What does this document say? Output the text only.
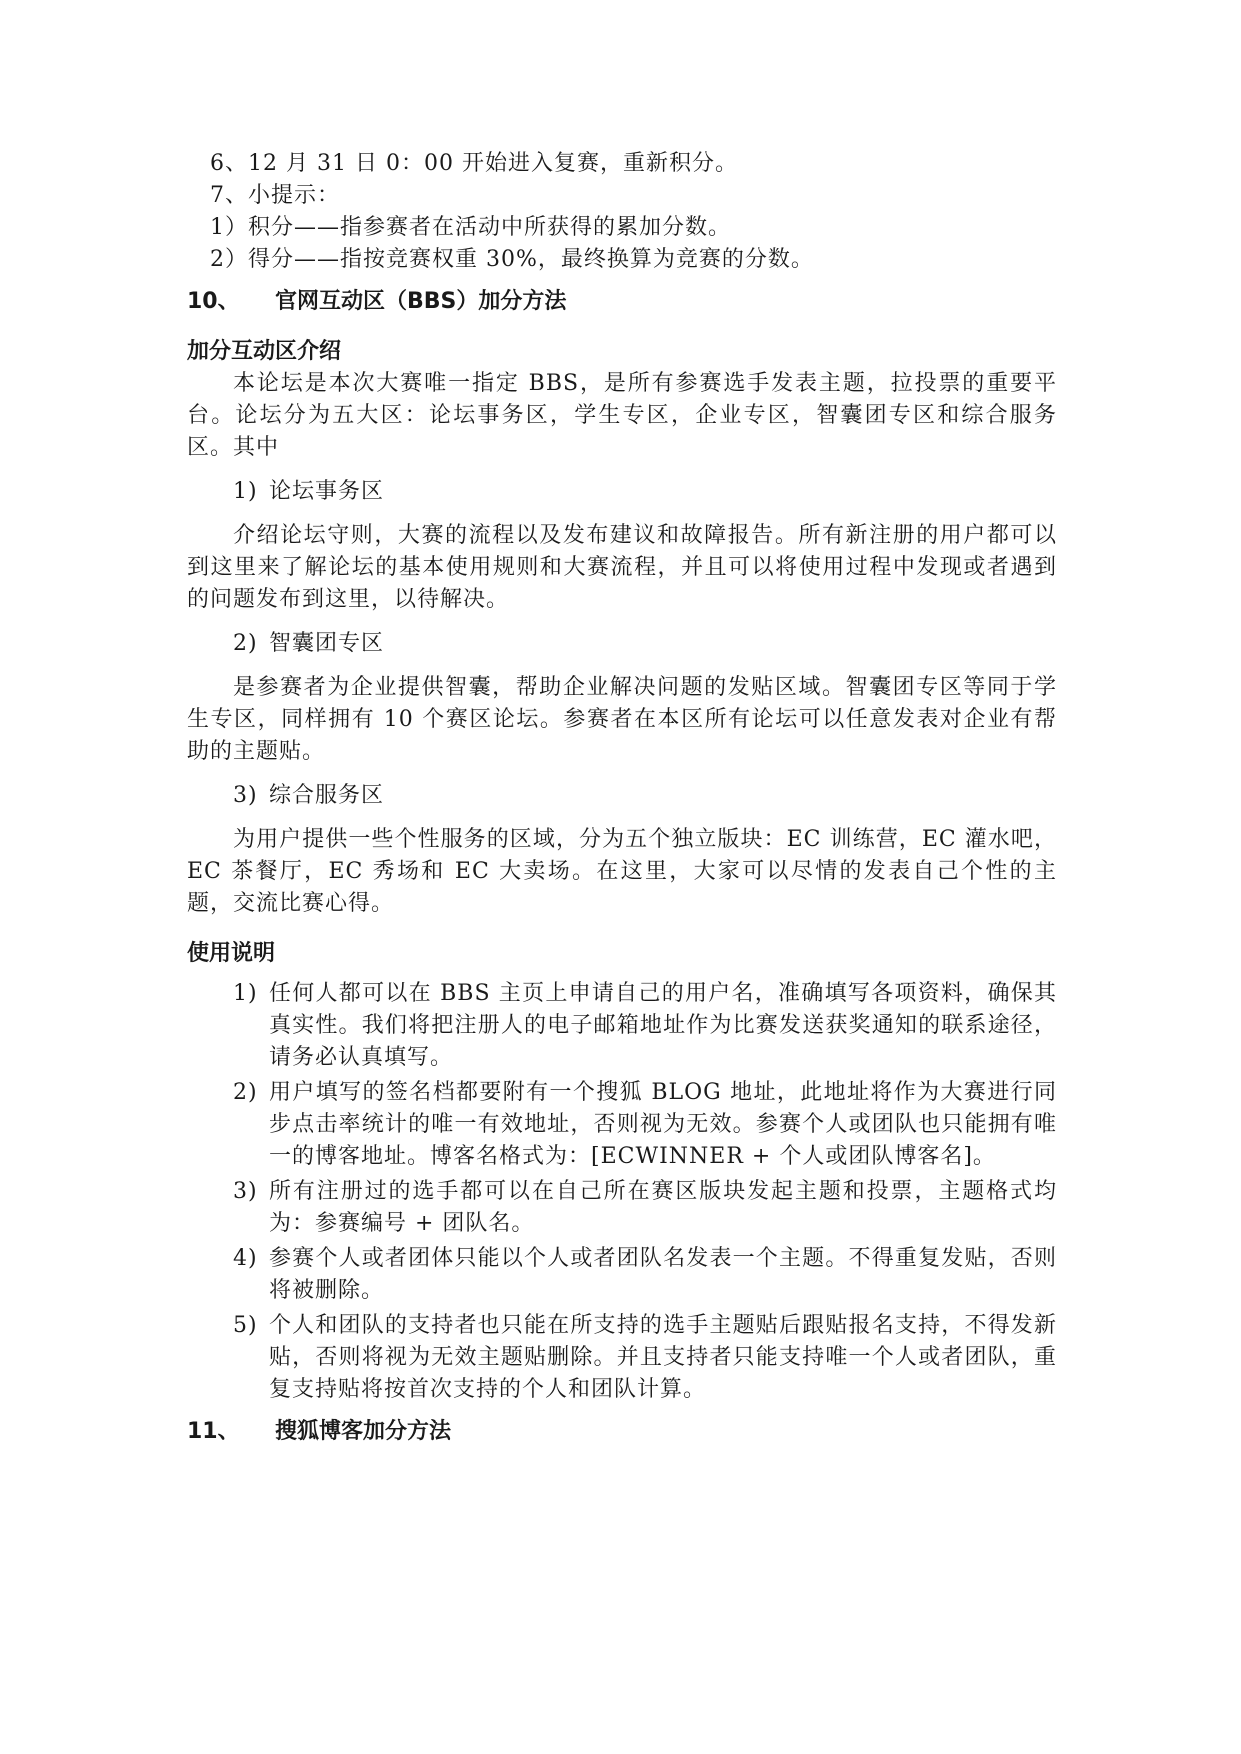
6、12 月 31 日 0：00 开始进入复赛，重新积分。
7、小提示：
1）积分——指参赛者在活动中所获得的累加分数。
2）得分——指按竞赛权重 30%，最终换算为竞赛的分数。
10、 官网互动区（BBS）加分方法
加分互动区介绍
本论坛是本次大赛唯一指定 BBS，是所有参赛选手发表主题，拉投票的重要平台。论坛分为五大区：论坛事务区，学生专区，企业专区，智囊团专区和综合服务区。其中
1) 论坛事务区
介绍论坛守则，大赛的流程以及发布建议和故障报告。所有新注册的用户都可以到这里来了解论坛的基本使用规则和大赛流程，并且可以将使用过程中发现或者遇到的问题发布到这里，以待解决。
2) 智囊团专区
是参赛者为企业提供智囊，帮助企业解决问题的发贴区域。智囊团专区等同于学生专区，同样拥有 10 个赛区论坛。参赛者在本区所有论坛可以任意发表对企业有帮助的主题贴。
3) 综合服务区
为用户提供一些个性服务的区域，分为五个独立版块：EC 训练营，EC 灌水吧，EC 茶餐厅，EC 秀场和 EC 大卖场。在这里，大家可以尽情的发表自己个性的主题，交流比赛心得。
使用说明
1) 任何人都可以在 BBS 主页上申请自己的用户名，准确填写各项资料，确保其真实性。我们将把注册人的电子邮箱地址作为比赛发送获奖通知的联系途径，请务必认真填写。
2) 用户填写的签名档都要附有一个搜狐 BLOG 地址，此地址将作为大赛进行同步点击率统计的唯一有效地址，否则视为无效。参赛个人或团队也只能拥有唯一的博客地址。博客名格式为：[ECWINNER + 个人或团队博客名]。
3) 所有注册过的选手都可以在自己所在赛区版块发起主题和投票，主题格式均为：参赛编号 + 团队名。
4) 参赛个人或者团体只能以个人或者团队名发表一个主题。不得重复发贴，否则将被删除。
5) 个人和团队的支持者也只能在所支持的选手主题贴后跟贴报名支持，不得发新贴，否则将视为无效主题贴删除。并且支持者只能支持唯一个人或者团队，重复支持贴将按首次支持的个人和团队计算。
11、 搜狐博客加分方法
